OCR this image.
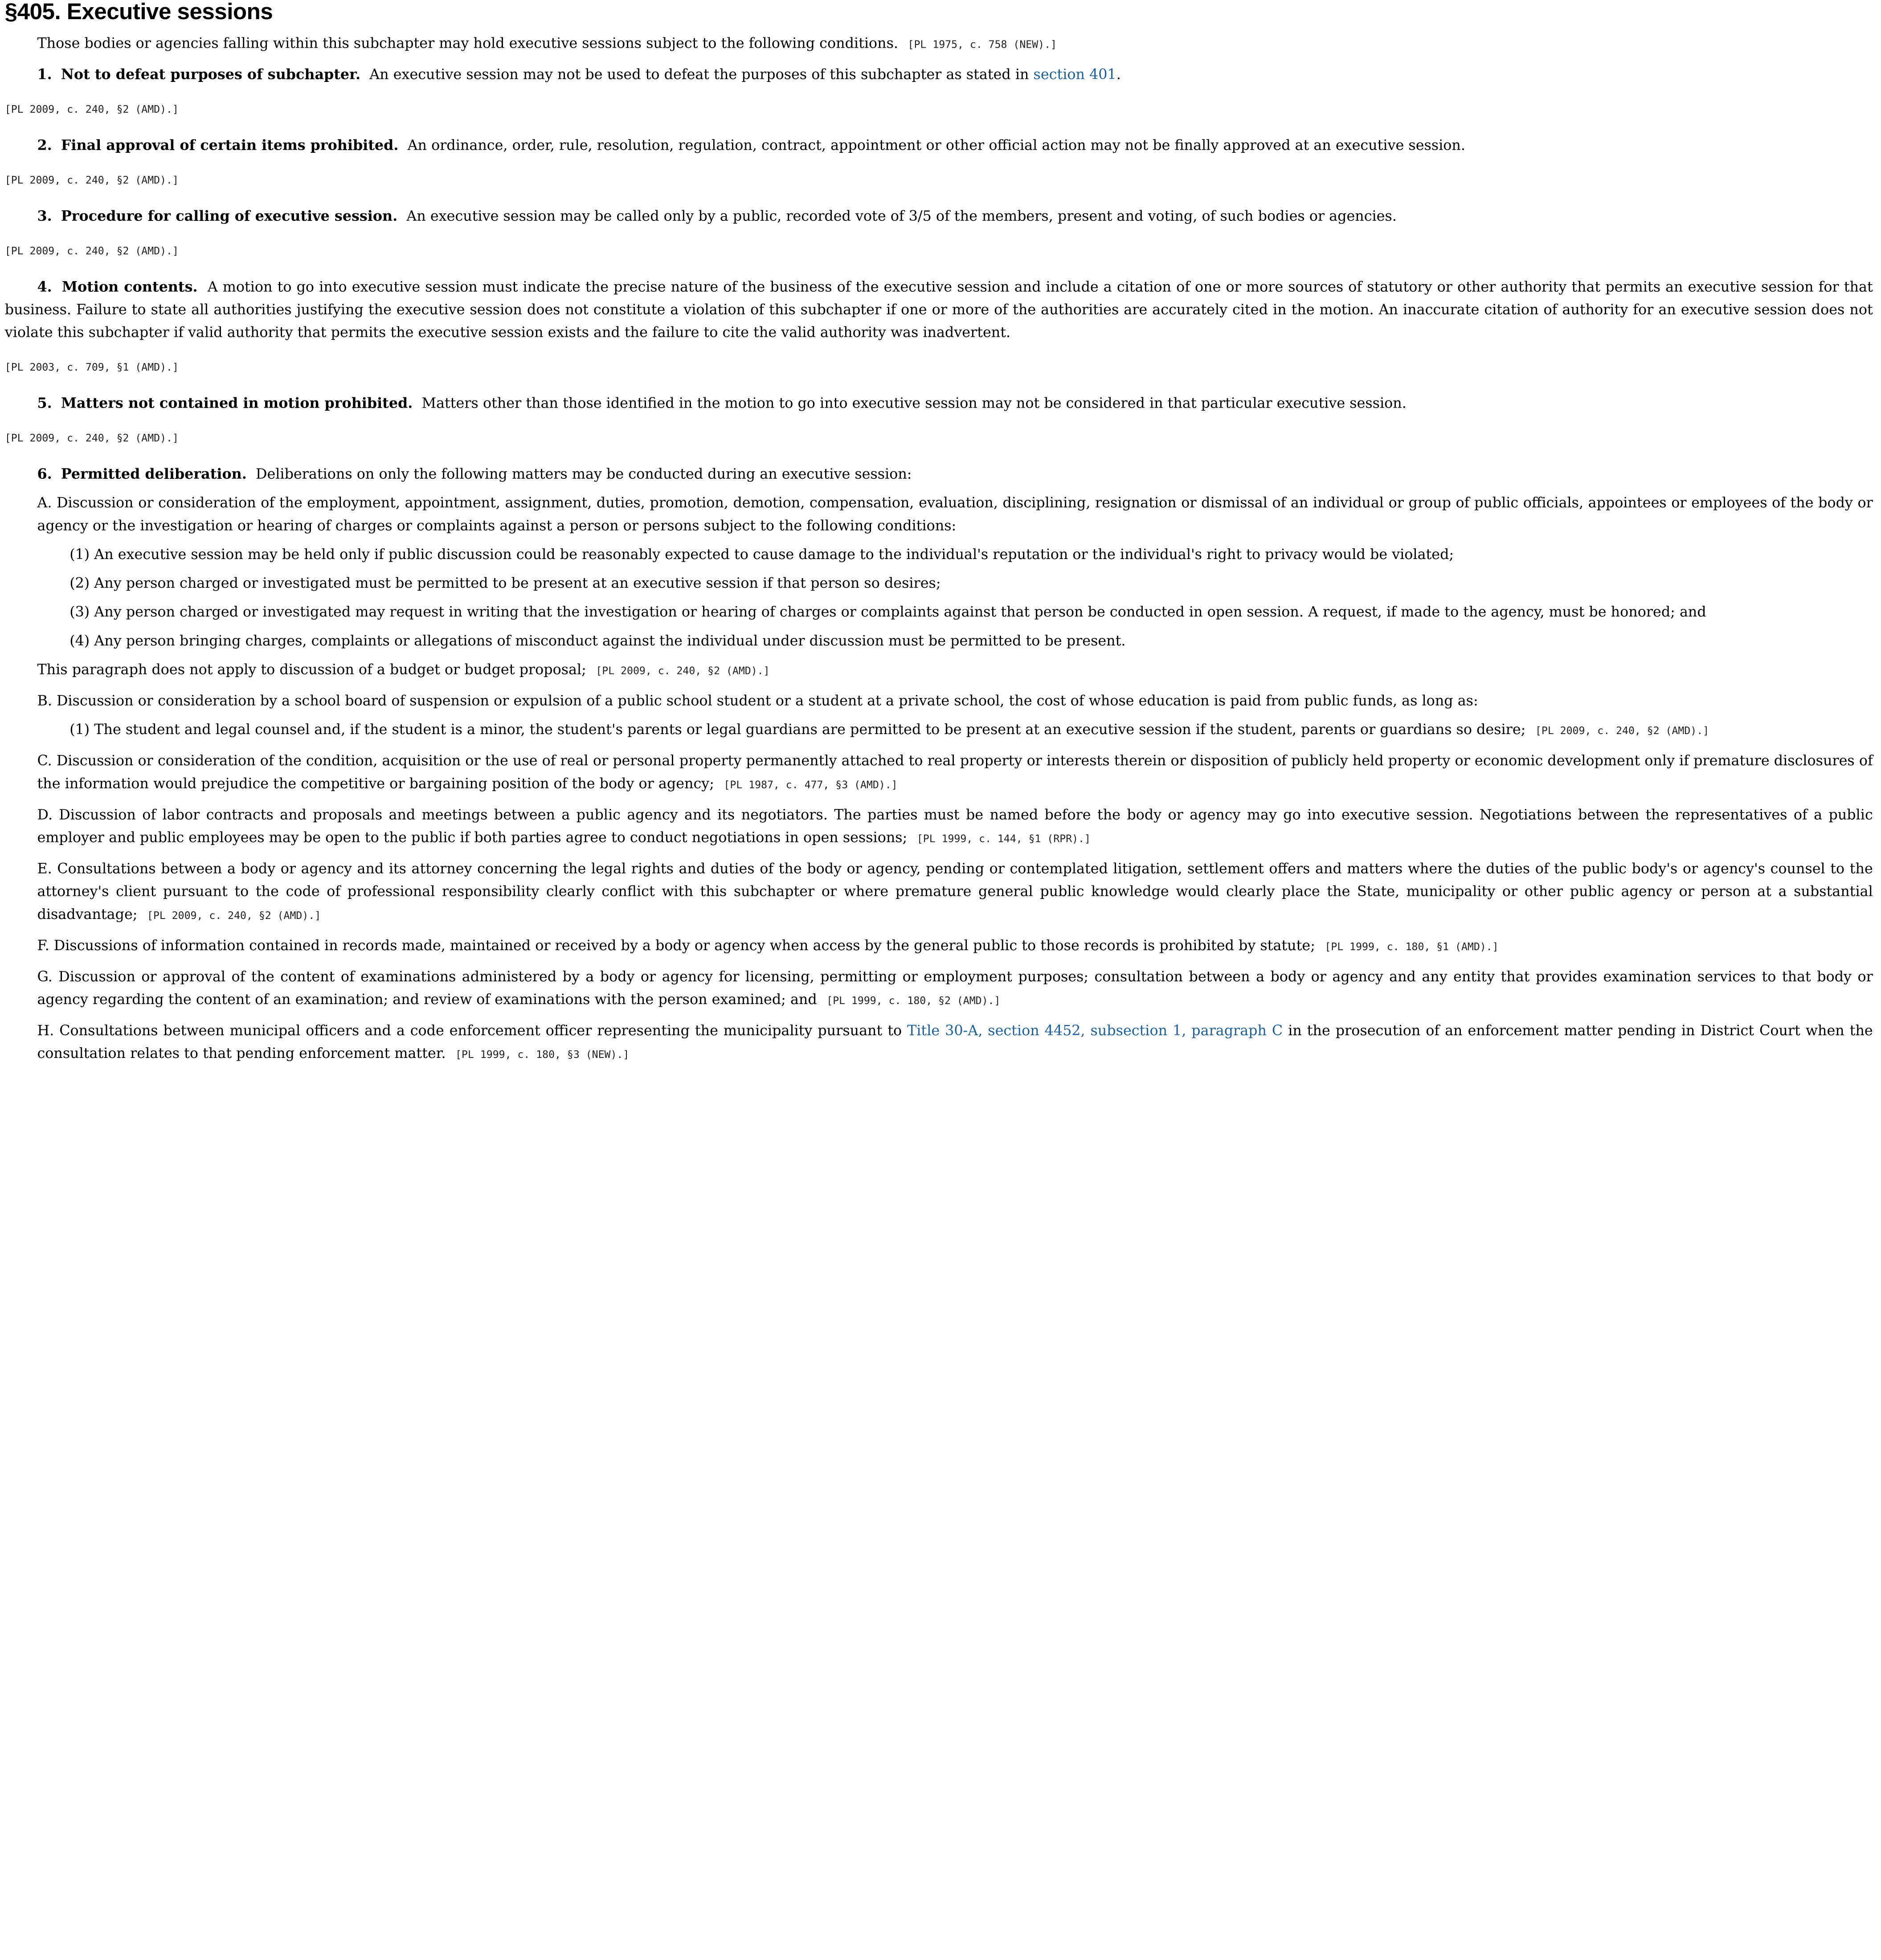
§405. Executive sessions

Those bodies or agencies falling within this subchapter may hold executive sessions subject to the following conditions.	[PL 1975, c. 758 (NEW).]

1. Not to defeat purposes of subchapter. An executive session may not be used to defeat the purposes of this subchapter as stated in section 401.

[PL 2009, c. 240, §2 (AMD).]

2. Final approval of certain items prohibited. An ordinance, order, rule, resolution, regulation, contract, appointment or other official action may not be finally approved at an executive session.

[PL 2009, c. 240, §2 (AMD).]

3. Procedure for calling of executive session. An executive session may be called only by a public, recorded vote of 3/5 of the members, present and voting, of such bodies or agencies.

[PL 2009, c. 240, §2 (AMD).]

4. Motion contents. A motion to go into executive session must indicate the precise nature of the business of the executive session and include a citation of one or more sources of statutory or other authority that permits an executive session for that business. Failure to state all authorities justifying the executive session does not constitute a violation of this subchapter if one or more of the authorities are accurately cited in the motion. An inaccurate citation of authority for an executive session does not violate this subchapter if valid authority that permits the executive session exists and the failure to cite the valid authority was inadvertent.

[PL 2003, c. 709, §1 (AMD).]

5. Matters not contained in motion prohibited. Matters other than those identified in the motion to go into executive session may not be considered in that particular executive session.

[PL 2009, c. 240, §2 (AMD).]

6. Permitted deliberation. Deliberations on only the following matters may be conducted during an executive session:

A. Discussion or consideration of the employment, appointment, assignment, duties, promotion, demotion, compensation, evaluation, disciplining, resignation or dismissal of an individual or group of public officials, appointees or employees of the body or agency or the investigation or hearing of charges or complaints against a person or persons subject to the following conditions:

(1) An executive session may be held only if public discussion could be reasonably expected to cause damage to the individual's reputation or the individual's right to privacy would be violated;

(2) Any person charged or investigated must be permitted to be present at an executive session if that person so desires;

(3) Any person charged or investigated may request in writing that the investigation or hearing of charges or complaints against that person be conducted in open session. A request, if made to the agency, must be honored; and

(4) Any person bringing charges, complaints or allegations of misconduct against the individual under discussion must be permitted to be present.

This paragraph does not apply to discussion of a budget or budget proposal;	[PL 2009, c. 240, §2 (AMD).]

B. Discussion or consideration by a school board of suspension or expulsion of a public school student or a student at a private school, the cost of whose education is paid from public funds, as long as:

(1) The student and legal counsel and, if the student is a minor, the student's parents or legal guardians are permitted to be present at an executive session if the student, parents or guardians so desire;	[PL 2009, c. 240, §2 (AMD).]

C. Discussion or consideration of the condition, acquisition or the use of real or personal property permanently attached to real property or interests therein or disposition of publicly held property or economic development only if premature disclosures of the information would prejudice the competitive or bargaining position of the body or agency;	[PL 1987, c. 477, §3 (AMD).]

D. Discussion of labor contracts and proposals and meetings between a public agency and its negotiators. The parties must be named before the body or agency may go into executive session. Negotiations between the representatives of a public employer and public employees may be open to the public if both parties agree to conduct negotiations in open sessions;	[PL 1999, c. 144, §1 (RPR).]

E. Consultations between a body or agency and its attorney concerning the legal rights and duties of the body or agency, pending or contemplated litigation, settlement offers and matters where the duties of the public body's or agency's counsel to the attorney's client pursuant to the code of professional responsibility clearly conflict with this subchapter or where premature general public knowledge would clearly place the State, municipality or other public agency or person at a substantial disadvantage;	[PL 2009, c. 240, §2 (AMD).]

F. Discussions of information contained in records made, maintained or received by a body or agency when access by the general public to those records is prohibited by statute;	[PL 1999, c. 180, §1 (AMD).]

G. Discussion or approval of the content of examinations administered by a body or agency for licensing, permitting or employment purposes; consultation between a body or agency and any entity that provides examination services to that body or agency regarding the content of an examination; and review of examinations with the person examined; and	[PL 1999, c. 180, §2 (AMD).]

H. Consultations between municipal officers and a code enforcement officer representing the municipality pursuant to Title 30-A, section 4452, subsection 1, paragraph C in the prosecution of an enforcement matter pending in District Court when the consultation relates to that pending enforcement matter.	[PL 1999, c. 180, §3 (NEW).]
